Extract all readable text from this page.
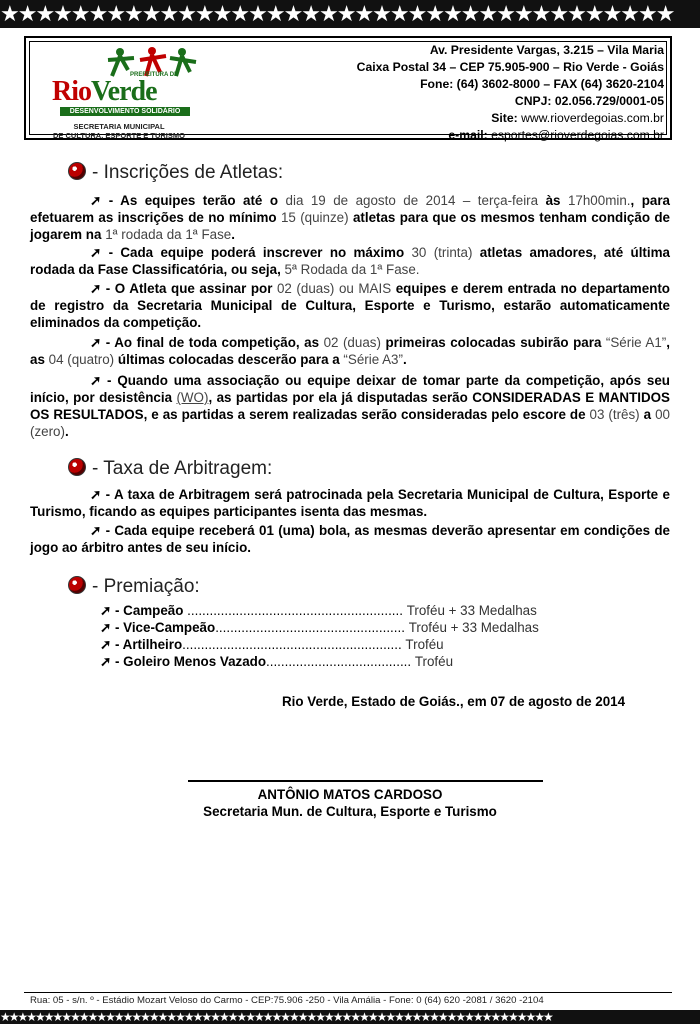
★★★★★★★★★★★★★★★★★★★★★★★★★★★★★★★★★★★★★★
PREFEITURA DE
RioVerde
DESENVOLVIMENTO SOLIDÁRIO
SECRETARIA MUNICIPAL
DE CULTURA, ESPORTE E TURISMO
Av. Presidente Vargas, 3.215 – Vila Maria
Caixa Postal 34 – CEP 75.905-900 – Rio Verde - Goiás
Fone: (64) 3602-8000 – FAX (64) 3620-2104
CNPJ: 02.056.729/0001-05
Site: www.rioverdegoias.com.br
e-mail: esportes@rioverdegoias.com.br
- Inscrições de Atletas:
➚ - As equipes terão até o dia 19 de agosto de 2014 – terça-feira às 17h00min., para efetuarem as inscrições de no mínimo 15 (quinze) atletas para que os mesmos tenham condição de jogarem na 1ª rodada da 1ª Fase.
➚ - Cada equipe poderá inscrever no máximo 30 (trinta) atletas amadores, até última rodada da Fase Classificatória, ou seja, 5ª Rodada da 1ª Fase.
➚ - O Atleta que assinar por 02 (duas) ou MAIS equipes e derem entrada no departamento de registro da Secretaria Municipal de Cultura, Esporte e Turismo, estarão automaticamente eliminados da competição.
➚ - Ao final de toda competição, as 02 (duas) primeiras colocadas subirão para “Série A1”, as 04 (quatro) últimas colocadas descerão para a “Série A3”.
➚ - Quando uma associação ou equipe deixar de tomar parte da competição, após seu início, por desistência (WO), as partidas por ela já disputadas serão CONSIDERADAS E MANTIDOS OS RESULTADOS, e as partidas a serem realizadas serão consideradas pelo escore de 03 (três) a 00 (zero).
- Taxa de Arbitragem:
➚ - A taxa de Arbitragem será patrocinada pela Secretaria Municipal de Cultura, Esporte e Turismo, ficando as equipes participantes isenta das mesmas.
➚ - Cada equipe receberá 01 (uma) bola, as mesmas deverão apresentar em condições de jogo ao árbitro antes de seu início.
- Premiação:
➚ - Campeão .......................................................... Troféu + 33 Medalhas
➚ - Vice-Campeão................................................... Troféu + 33 Medalhas
➚ - Artilheiro........................................................... Troféu
➚ - Goleiro Menos Vazado....................................... Troféu
Rio Verde, Estado de Goiás., em 07 de agosto de 2014
ANTÔNIO MATOS CARDOSO
Secretaria Mun. de Cultura, Esporte e Turismo
Rua: 05 - s/n. º - Estádio Mozart Veloso do Carmo - CEP:75.906 -250 - Vila Amália - Fone: 0 (64) 620 -2081 / 3620 -2104
★★★★★★★★★★★★★★★★★★★★★★★★★★★★★★★★★★★★★★★★★★★★★★★★★★★★★★★★★★★★★★★
